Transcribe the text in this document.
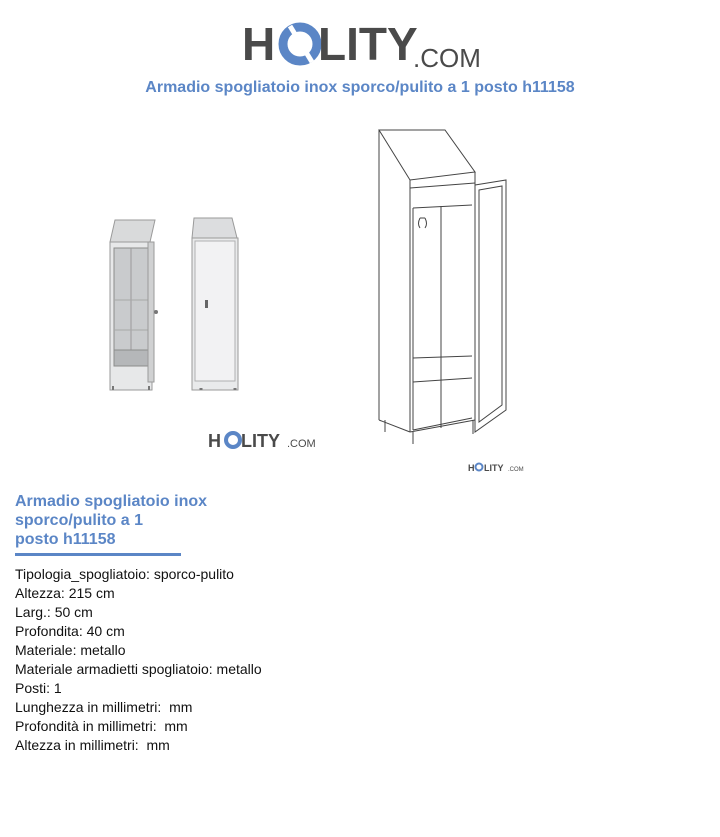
H LITY
.COM
Armadio spogliatoio inox sporco/pulito a 1 posto h11158
H LITY .COM
H LITY .COM
Armadio spogliatoio inox
sporco/pulito a 1
posto h11158
Tipologia_spogliatoio: sporco-pulito
Altezza: 215 cm
Larg.: 50 cm
Profondita: 40 cm
Materiale: metallo
Materiale armadietti spogliatoio: metallo
Posti: 1
Lunghezza in millimetri:  mm
Profondità in millimetri:  mm
Altezza in millimetri:  mm
